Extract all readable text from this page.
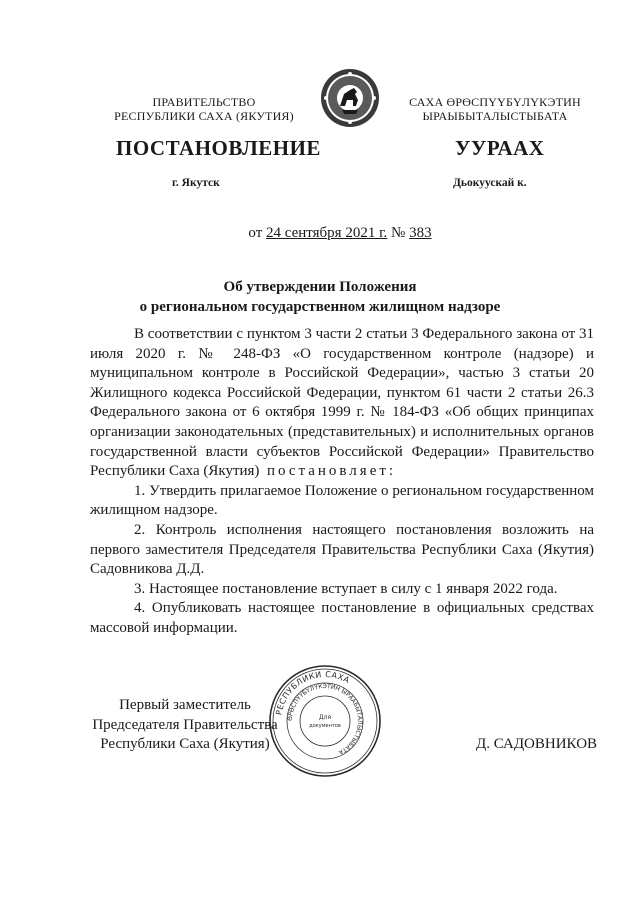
ПРАВИТЕЛЬСТВО
РЕСПУБЛИКИ САХА (ЯКУТИЯ)
САХА ӨРӨСПҮҮБҮЛҮКЭТИН
ЫРАЫБЫТАЛЫСТЫБАТА
ПОСТАНОВЛЕНИЕ	УУРААХ
г. Якутск	Дьокуускай к.
от 24 сентября 2021 г. № 383
Об утверждении Положения
о региональном государственном жилищном надзоре

В соответствии с пунктом 3 части 2 статьи 3 Федерального закона от 31 июля 2020 г. № 248-ФЗ «О государственном контроле (надзоре) и муниципальном контроле в Российской Федерации», частью 3 статьи 20 Жилищного кодекса Российской Федерации, пунктом 61 части 2 статьи 26.3 Федерального закона от 6 октября 1999 г. № 184-ФЗ «Об общих принципах организации законодательных (представительных) и исполнительных органов государственной власти субъектов Российской Федерации» Правительство Республики Саха (Якутия) постановляет:

1. Утвердить прилагаемое Положение о региональном государственном жилищном надзоре.

2. Контроль исполнения настоящего постановления возложить на первого заместителя Председателя Правительства Республики Саха (Якутия) Садовникова Д.Д.

3. Настоящее постановление вступает в силу с 1 января 2022 года.

4. Опубликовать настоящее постановление в официальных средствах массовой информации.

Первый заместитель
Председателя Правительства
Республики Саха (Якутия)
РЕСПУБЛИКИ САХА
ӨРӨСПҮҮБҮЛҮКЭТИН ЫРААБЫТАЛЫСТЫБАТА
Для
документов
Д. САДОВНИКОВ
